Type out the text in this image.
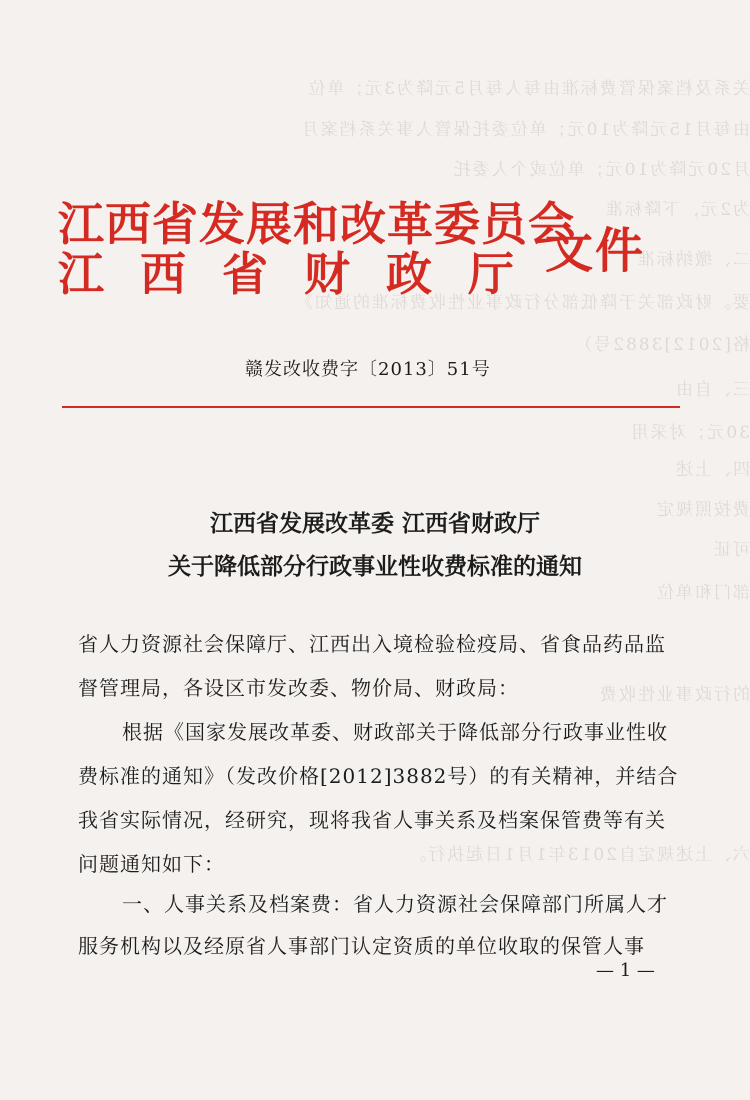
关系及档案保管费标准由每人每月5元降为3元；单位
由每月15元降为10元；单位委托保管人事关系档案月
月20元降为10元；单位或个人委托
为2元，下降标准
二、缴纳标准
要。财政部关于降低部分行政事业性收费标准的通知》
格[2012]3882号）
三、自由
30元；对采用
四、上述
费按照规定
可证
部门和单位
的行政事业性收费
六、上述规定自2013年1月1日起执行。
江西省发展和改革委员会
江西省财政厅
文件
赣发改收费字〔2013〕51号
江西省发展改革委 江西省财政厅
关于降低部分行政事业性收费标准的通知
省人力资源社会保障厅、江西出入境检验检疫局、省食品药品监
督管理局，各设区市发改委、物价局、财政局：
根据《国家发展改革委、财政部关于降低部分行政事业性收
费标准的通知》（发改价格[2012]3882号）的有关精神，并结合
我省实际情况，经研究，现将我省人事关系及档案保管费等有关
问题通知如下：
一、人事关系及档案费：省人力资源社会保障部门所属人才
服务机构以及经原省人事部门认定资质的单位收取的保管人事
— 1 —
